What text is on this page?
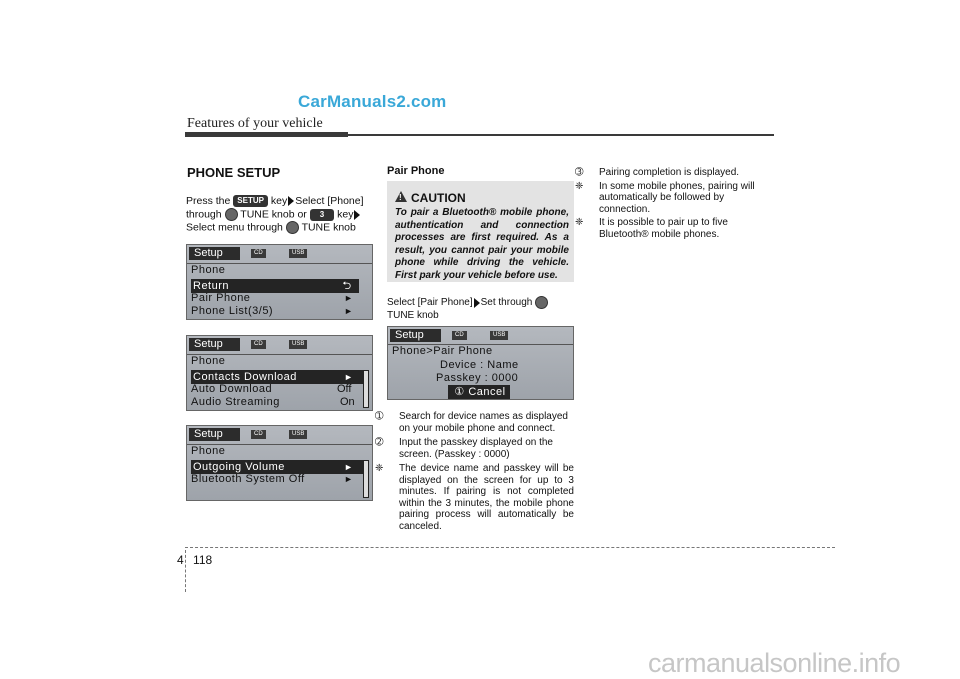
CarManuals2.com
Features of your vehicle
PHONE SETUP
Press the SETUP key Select [Phone]
through TUNE knob or 3 key
Select menu through TUNE knob
Setup	CD	USB
Phone
Return	⮌
Pair Phone	►
Phone List(3/5)	►
Setup	CD	USB
Phone
Contacts Download	►
Auto Download	Off
Audio Streaming	On
Setup	CD	USB
Phone
Outgoing Volume	►
Bluetooth System Off	►
Pair Phone
!
CAUTION
To pair a Bluetooth® mobile phone, authentication and connection processes are first required. As a result, you cannot pair your mobile phone while driving the vehicle. First park your vehicle before use.
Select [Pair Phone] Set through  TUNE knob
Setup	CD	USB
Phone>Pair Phone
Device : Name
Passkey : 0000
① Cancel
➀ Search for device names as displayed on your mobile phone and connect.
➁ Input the passkey displayed on the screen. (Passkey : 0000)
❈ The device name and passkey will be displayed on the screen for up to 3 minutes. If pairing is not completed within the 3 minutes, the mobile phone pairing process will automatically be canceled.
➂ Pairing completion is displayed.
❈ In some mobile phones, pairing will automatically be followed by connection.
❈ It is possible to pair up to five Bluetooth® mobile phones.
4 118
carmanualsonline.info
